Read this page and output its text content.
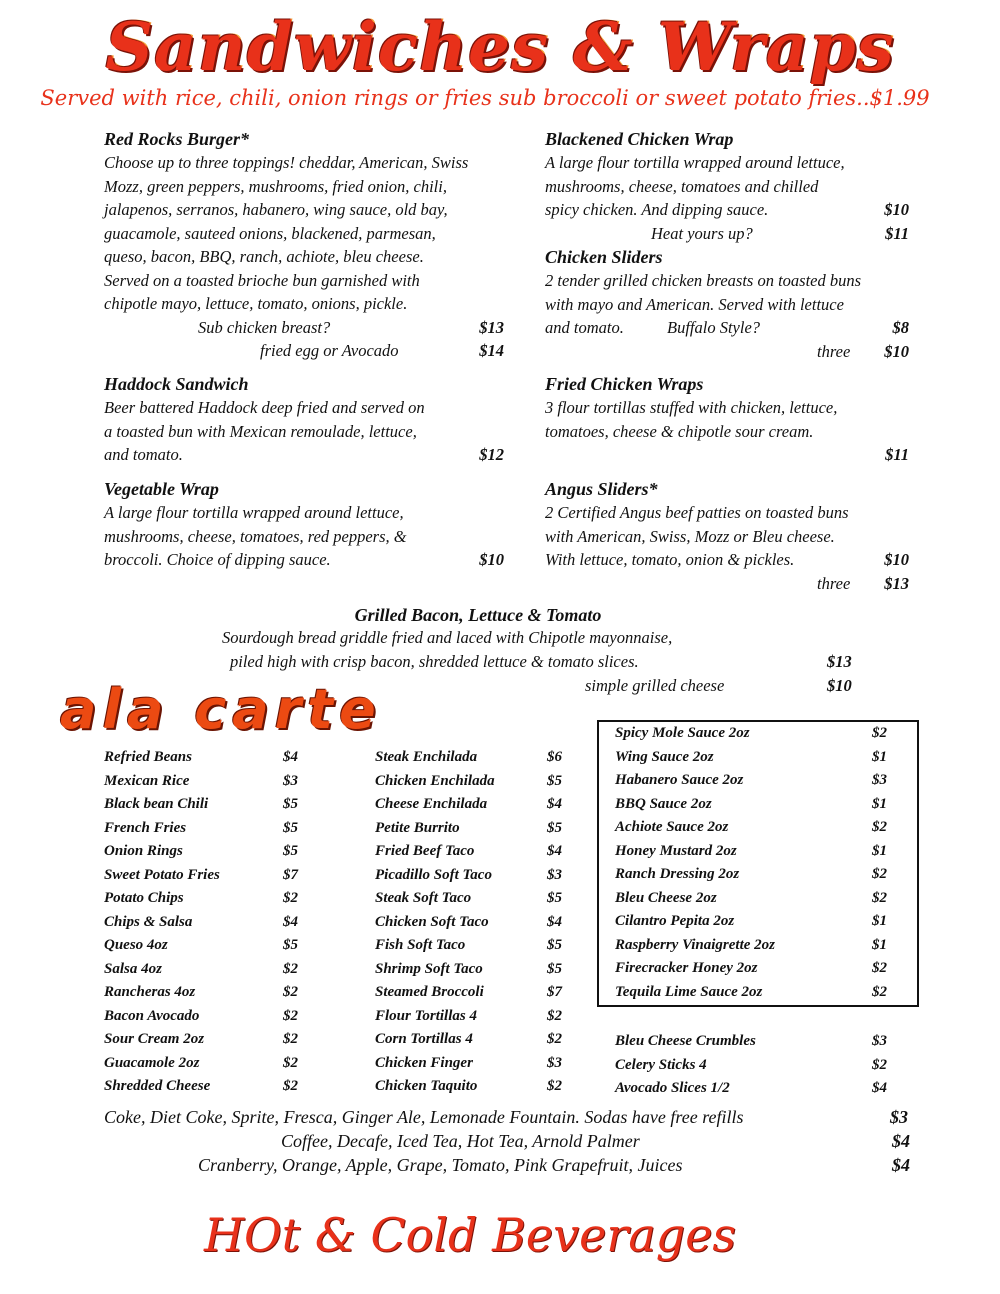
Sandwiches & Wraps
Served with rice, chili, onion rings or fries sub broccoli or sweet potato fries..$1.99
Red Rocks Burger*
Choose up to three toppings! cheddar, American, Swiss
Mozz, green peppers, mushrooms, fried onion, chili,
jalapenos, serranos, habanero, wing sauce, old bay,
guacamole, sauteed onions, blackened, parmesan,
queso, bacon, BBQ, ranch, achiote, bleu cheese.
Served on a toasted brioche bun garnished with
chipotle mayo, lettuce, tomato, onions, pickle.
Sub chicken breast?	$13
fried egg or Avocado	$14
Haddock Sandwich
Beer battered Haddock deep fried and served on
a toasted bun with Mexican remoulade, lettuce,
and tomato.	$12
Vegetable Wrap
A large flour tortilla wrapped around lettuce,
mushrooms, cheese, tomatoes, red peppers, &
broccoli. Choice of dipping sauce.	$10
Blackened Chicken Wrap
A large flour tortilla wrapped around lettuce,
mushrooms, cheese, tomatoes and chilled
spicy chicken. And dipping sauce.	$10
Heat yours up?	$11
Chicken Sliders
2 tender grilled chicken breasts on toasted buns
with mayo and American. Served with lettuce
and tomato.	Buffalo Style?	$8
three $10
Fried Chicken Wraps
3 flour tortillas stuffed with chicken, lettuce,
tomatoes, cheese & chipotle sour cream.
$11
Angus Sliders*
2 Certified Angus beef patties on toasted buns
with American, Swiss, Mozz or Bleu cheese.
With lettuce, tomato, onion & pickles.	$10
three $13
Grilled Bacon, Lettuce & Tomato
Sourdough bread griddle fried and laced with Chipotle mayonnaise,
piled high with crisp bacon, shredded lettuce & tomato slices.	$13
simple grilled cheese	$10
ala carte
Refried Beans	$4
Mexican Rice	$3
Black bean Chili	$5
French Fries	$5
Onion Rings	$5
Sweet Potato Fries	$7
Potato Chips	$2
Chips & Salsa	$4
Queso 4oz	$5
Salsa 4oz	$2
Rancheras 4oz	$2
Bacon Avocado	$2
Sour Cream 2oz	$2
Guacamole 2oz	$2
Shredded Cheese	$2
Steak Enchilada	$6
Chicken Enchilada	$5
Cheese Enchilada	$4
Petite Burrito	$5
Fried Beef Taco	$4
Picadillo Soft Taco	$3
Steak Soft Taco	$5
Chicken Soft Taco	$4
Fish Soft Taco	$5
Shrimp Soft Taco	$5
Steamed Broccoli	$7
Flour Tortillas 4	$2
Corn Tortillas 4	$2
Chicken Finger	$3
Chicken Taquito	$2
Spicy Mole Sauce 2oz	$2
Wing Sauce 2oz	$1
Habanero Sauce 2oz	$3
BBQ Sauce 2oz	$1
Achiote Sauce 2oz	$2
Honey Mustard 2oz	$1
Ranch Dressing 2oz	$2
Bleu Cheese 2oz	$2
Cilantro Pepita 2oz	$1
Raspberry Vinaigrette 2oz	$1
Firecracker Honey 2oz	$2
Tequila Lime Sauce 2oz	$2
Bleu Cheese Crumbles	$3
Celery Sticks 4	$2
Avocado Slices 1/2	$4
Coke, Diet Coke, Sprite, Fresca, Ginger Ale, Lemonade Fountain. Sodas have free refills	$3
Coffee, Decafe, Iced Tea, Hot Tea, Arnold Palmer	$4
Cranberry, Orange, Apple, Grape, Tomato, Pink Grapefruit, Juices	$4
HOt & Cold Beverages
